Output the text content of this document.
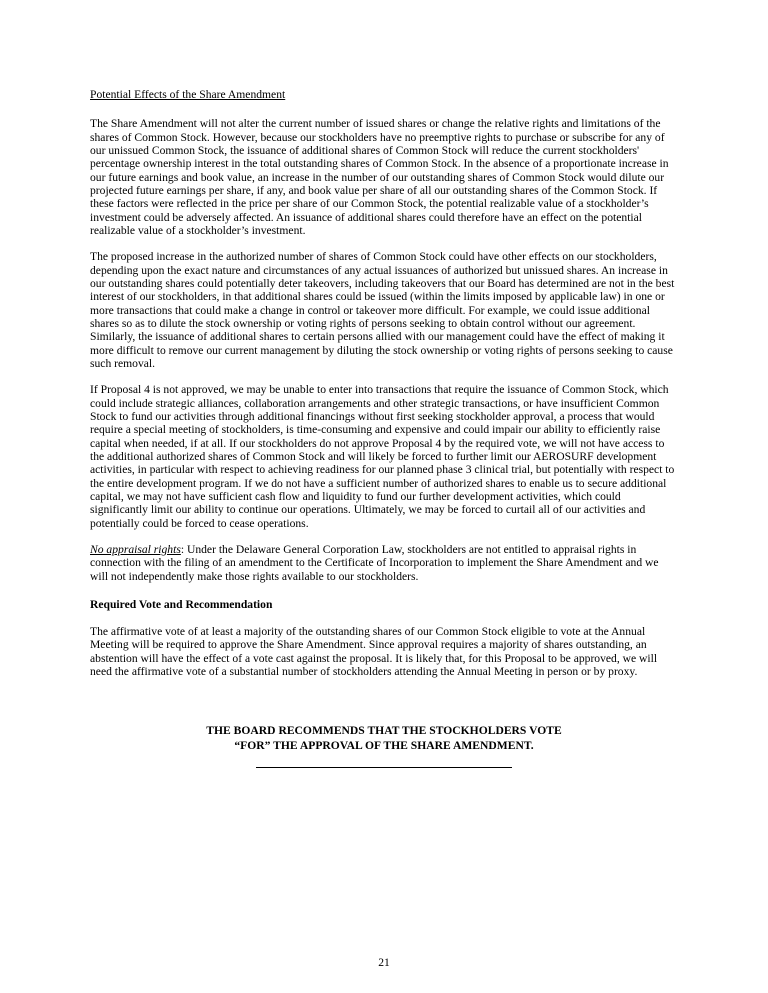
Potential Effects of the Share Amendment

The Share Amendment will not alter the current number of issued shares or change the relative rights and limitations of the shares of Common Stock. However, because our stockholders have no preemptive rights to purchase or subscribe for any of our unissued Common Stock, the issuance of additional shares of Common Stock will reduce the current stockholders' percentage ownership interest in the total outstanding shares of Common Stock. In the absence of a proportionate increase in our future earnings and book value, an increase in the number of our outstanding shares of Common Stock would dilute our projected future earnings per share, if any, and book value per share of all our outstanding shares of the Common Stock. If these factors were reflected in the price per share of our Common Stock, the potential realizable value of a stockholder’s investment could be adversely affected. An issuance of additional shares could therefore have an effect on the potential realizable value of a stockholder’s investment.

The proposed increase in the authorized number of shares of Common Stock could have other effects on our stockholders, depending upon the exact nature and circumstances of any actual issuances of authorized but unissued shares. An increase in our outstanding shares could potentially deter takeovers, including takeovers that our Board has determined are not in the best interest of our stockholders, in that additional shares could be issued (within the limits imposed by applicable law) in one or more transactions that could make a change in control or takeover more difficult. For example, we could issue additional shares so as to dilute the stock ownership or voting rights of persons seeking to obtain control without our agreement. Similarly, the issuance of additional shares to certain persons allied with our management could have the effect of making it more difficult to remove our current management by diluting the stock ownership or voting rights of persons seeking to cause such removal.

If Proposal 4 is not approved, we may be unable to enter into transactions that require the issuance of Common Stock, which could include strategic alliances, collaboration arrangements and other strategic transactions, or have insufficient Common Stock to fund our activities through additional financings without first seeking stockholder approval, a process that would require a special meeting of stockholders, is time-consuming and expensive and could impair our ability to efficiently raise capital when needed, if at all. If our stockholders do not approve Proposal 4 by the required vote, we will not have access to the additional authorized shares of Common Stock and will likely be forced to further limit our AEROSURF development activities, in particular with respect to achieving readiness for our planned phase 3 clinical trial, but potentially with respect to the entire development program. If we do not have a sufficient number of authorized shares to enable us to secure additional capital, we may not have sufficient cash flow and liquidity to fund our further development activities, which could significantly limit our ability to continue our operations. Ultimately, we may be forced to curtail all of our activities and potentially could be forced to cease operations.

No appraisal rights: Under the Delaware General Corporation Law, stockholders are not entitled to appraisal rights in connection with the filing of an amendment to the Certificate of Incorporation to implement the Share Amendment and we will not independently make those rights available to our stockholders.

Required Vote and Recommendation

The affirmative vote of at least a majority of the outstanding shares of our Common Stock eligible to vote at the Annual Meeting will be required to approve the Share Amendment. Since approval requires a majority of shares outstanding, an abstention will have the effect of a vote cast against the proposal. It is likely that, for this Proposal to be approved, we will need the affirmative vote of a substantial number of stockholders attending the Annual Meeting in person or by proxy.

THE BOARD RECOMMENDS THAT THE STOCKHOLDERS VOTE
“FOR” THE APPROVAL OF THE SHARE AMENDMENT.
21
